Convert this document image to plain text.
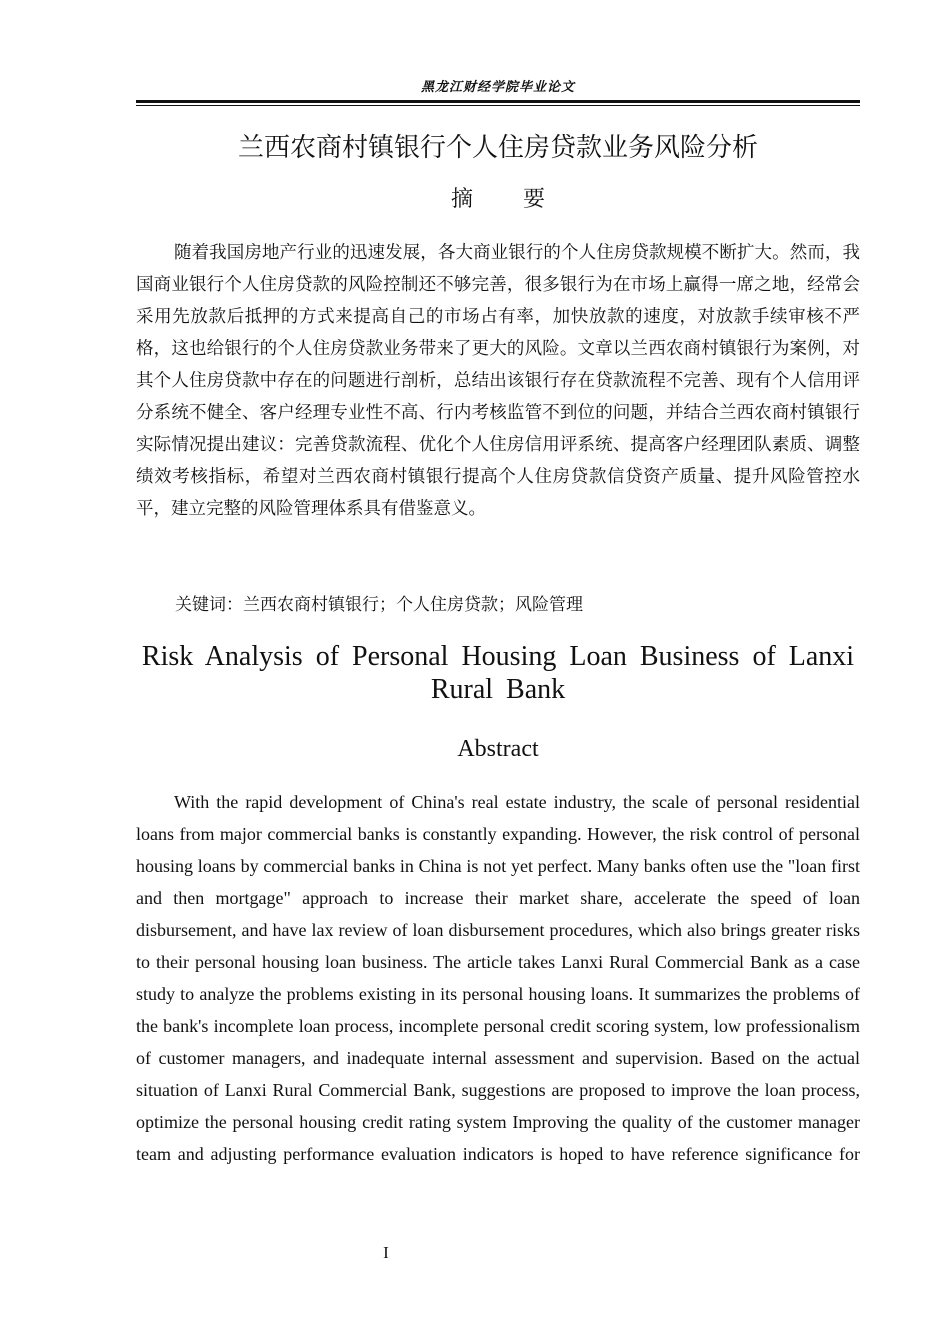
黑龙江财经学院毕业论文
兰西农商村镇银行个人住房贷款业务风险分析
摘要
随着我国房地产行业的迅速发展，各大商业银行的个人住房贷款规模不断扩大。然而，我国商业银行个人住房贷款的风险控制还不够完善，很多银行为在市场上赢得一席之地，经常会采用先放款后抵押的方式来提高自己的市场占有率，加快放款的速度，对放款手续审核不严格，这也给银行的个人住房贷款业务带来了更大的风险。文章以兰西农商村镇银行为案例，对其个人住房贷款中存在的问题进行剖析，总结出该银行存在贷款流程不完善、现有个人信用评分系统不健全、客户经理专业性不高、行内考核监管不到位的问题，并结合兰西农商村镇银行实际情况提出建议：完善贷款流程、优化个人住房信用评系统、提高客户经理团队素质、调整绩效考核指标，希望对兰西农商村镇银行提高个人住房贷款信贷资产质量、提升风险管控水平，建立完整的风险管理体系具有借鉴意义。
关键词：兰西农商村镇银行；个人住房贷款；风险管理
Risk Analysis of Personal Housing Loan Business of Lanxi Rural Bank
Abstract
With the rapid development of China's real estate industry, the scale of personal residential loans from major commercial banks is constantly expanding. However, the risk control of personal housing loans by commercial banks in China is not yet perfect. Many banks often use the "loan first and then mortgage" approach to increase their market share, accelerate the speed of loan disbursement, and have lax review of loan disbursement procedures, which also brings greater risks to their personal housing loan business. The article takes Lanxi Rural Commercial Bank as a case study to analyze the problems existing in its personal housing loans. It summarizes the problems of the bank's incomplete loan process, incomplete personal credit scoring system, low professionalism of customer managers, and inadequate internal assessment and supervision. Based on the actual situation of Lanxi Rural Commercial Bank, suggestions are proposed to improve the loan process, optimize the personal housing credit rating system Improving the quality of the customer manager team and adjusting performance evaluation indicators is hoped to have reference significance for
I
